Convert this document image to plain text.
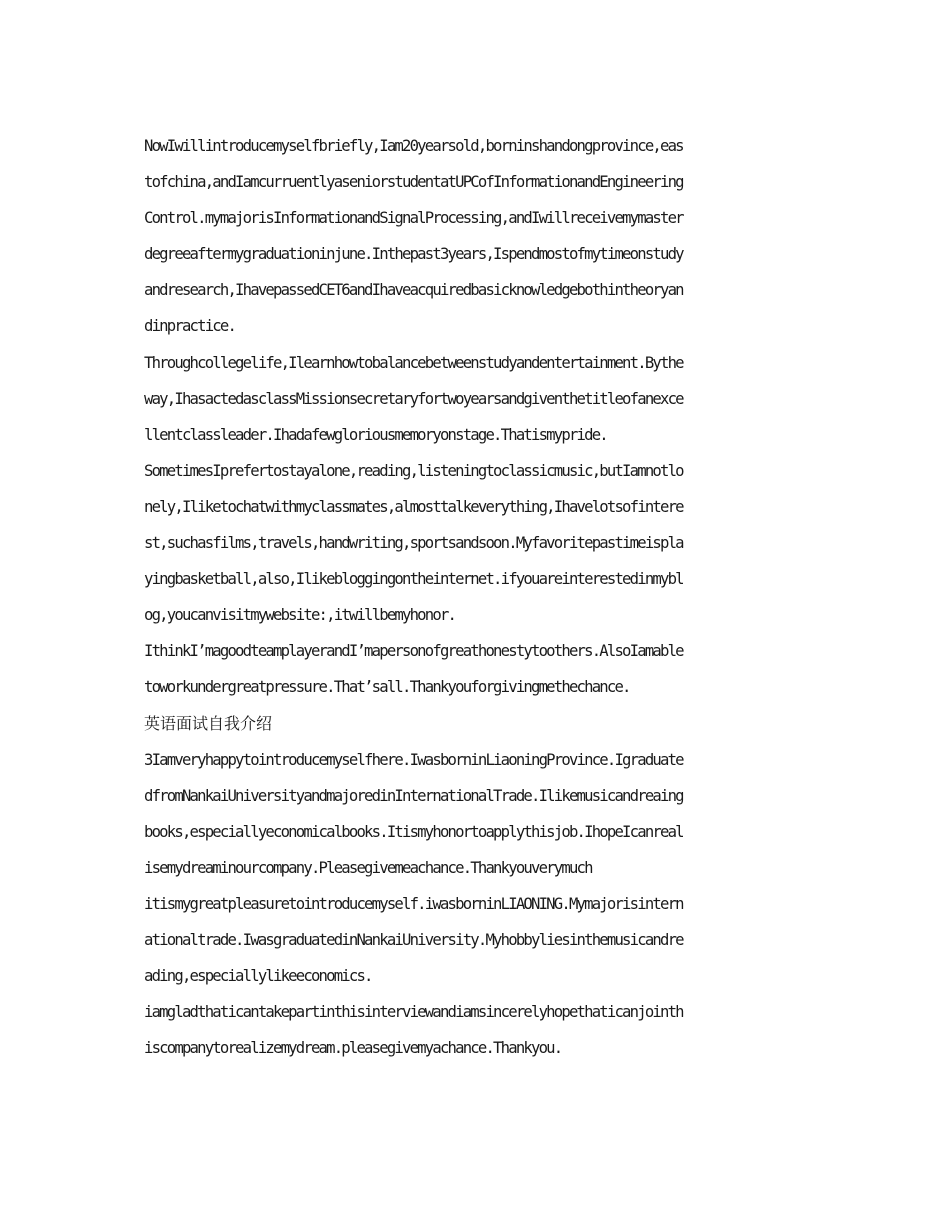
NowIwillintroducemyselfbriefly,Iam20yearsold,borninshandongprovince,eas
tofchina,andIamcurruentlyaseniorstudentatUPCofInformationandEngineering
Control.mymajorisInformationandSignalProcessing,andIwillreceivemymaster
degreeaftermygraduationinjune.Inthepast3years,Ispendmostofmytimeonstudy
andresearch,IhavepassedCET6andIhaveacquiredbasicknowledgebothintheoryan
dinpractice.
Throughcollegelife,Ilearnhowtobalancebetweenstudyandentertainment.Bythe
way,IhasactedasclassMissionsecretaryfortwoyearsandgiventhetitleofanexce
llentclassleader.Ihadafewgloriousmemoryonstage.Thatismypride.
SometimesIprefertostayalone,reading,listeningtoclassicmusic,butIamnotlo
nely,Iliketochatwithmyclassmates,almosttalkeverything,Ihavelotsofintere
st,suchasfilms,travels,handwriting,sportsandsoon.Myfavoritepastimeispla
yingbasketball,also,Ilikebloggingontheinternet.ifyouareinterestedinmybl
og,youcanvisitmywebsite:,itwillbemyhonor.
IthinkI’magoodteamplayerandI’mapersonofgreathonestytoothers.AlsoIamable
toworkundergreatpressure.That’sall.Thankyouforgivingmethechance.
英语面试自我介绍
3Iamveryhappytointroducemyselfhere.IwasborninLiaoningProvince.Igraduate
dfromNankaiUniversityandmajoredinInternationalTrade.Ilikemusicandreaing
books,especiallyeconomicalbooks.Itismyhonortoapplythisjob.IhopeIcanreal
isemydreaminourcompany.Pleasegivemeachance.Thankyouverymuch
itismygreatpleasuretointroducemyself.iwasborninLIAONING.Mymajorisintern
ationaltrade.IwasgraduatedinNankaiUniversity.Myhobbyliesinthemusicandre
ading,especiallylikeeconomics.
iamgladthaticantakepartinthisinterviewandiamsincerelyhopethaticanjointh
iscompanytorealizemydream.pleasegivemyachance.Thankyou.
